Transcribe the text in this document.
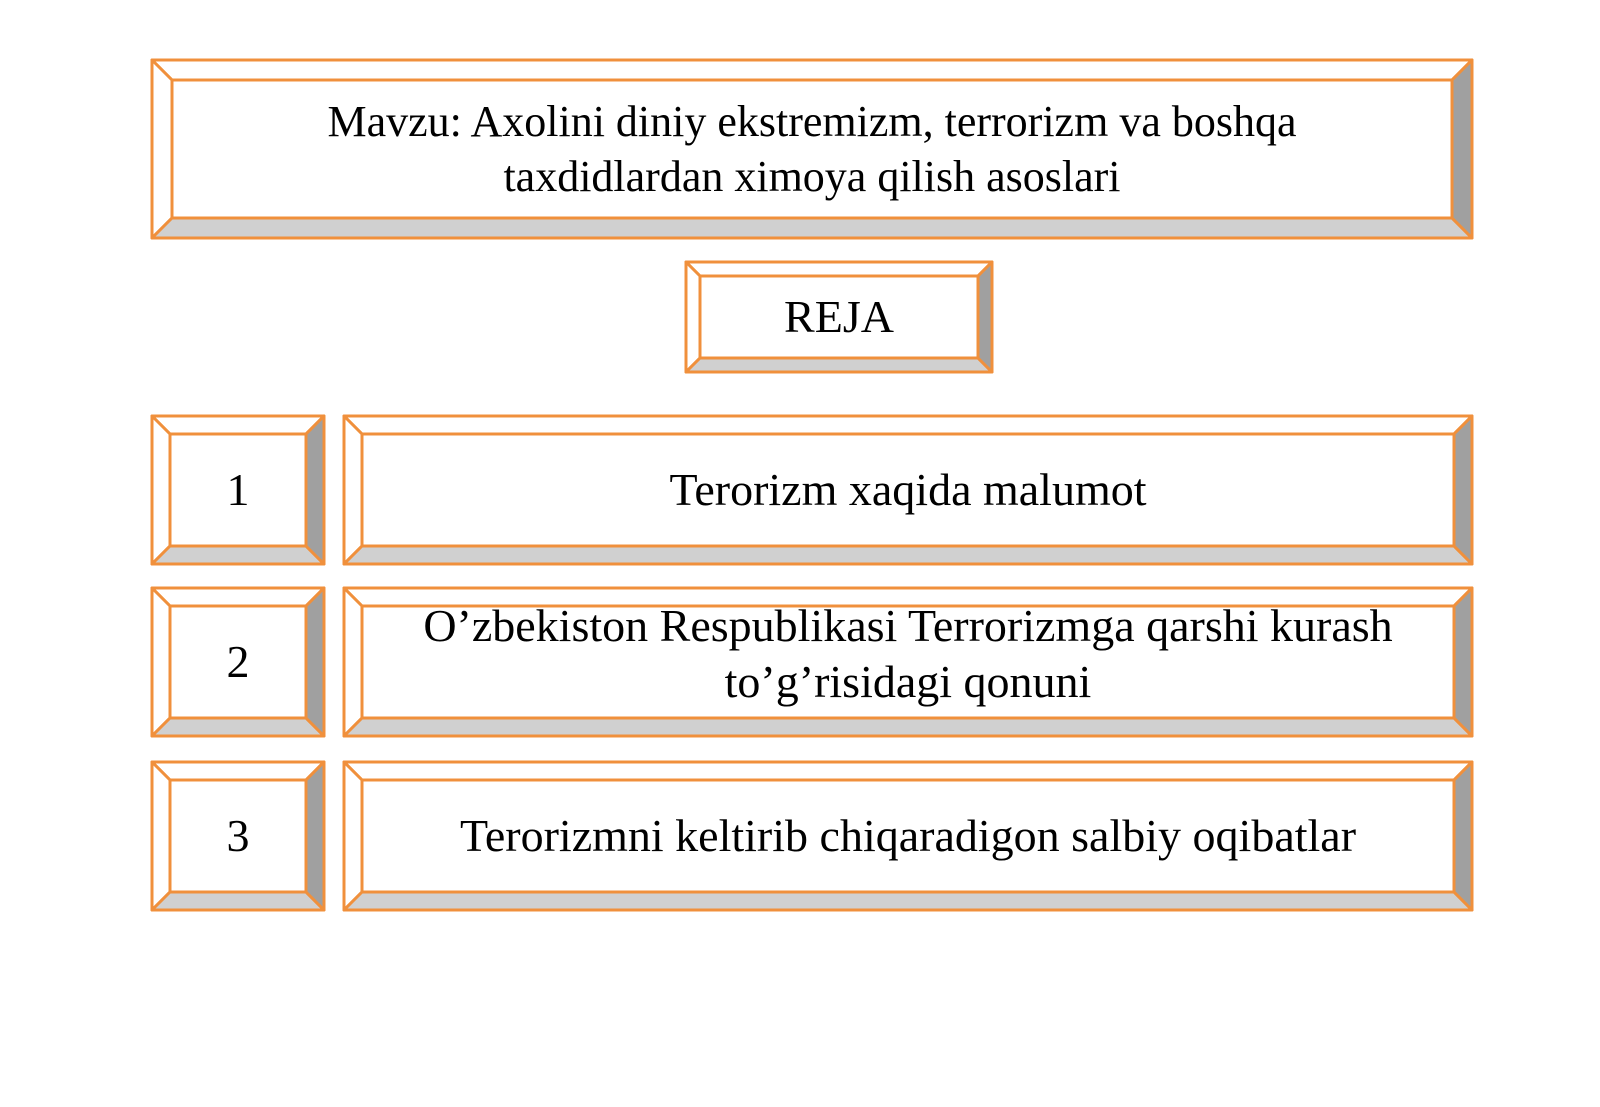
Mavzu: Axolini diniy ekstremizm, terrorizm va boshqa
taxdidlardan ximoya qilish asoslari
REJA
1	Terorizm xaqida malumot
2
O’zbekiston Respublikasi Terrorizmga qarshi kurash
to’g’risidagi qonuni
3	Terorizmni keltirib chiqaradigon salbiy oqibatlar
